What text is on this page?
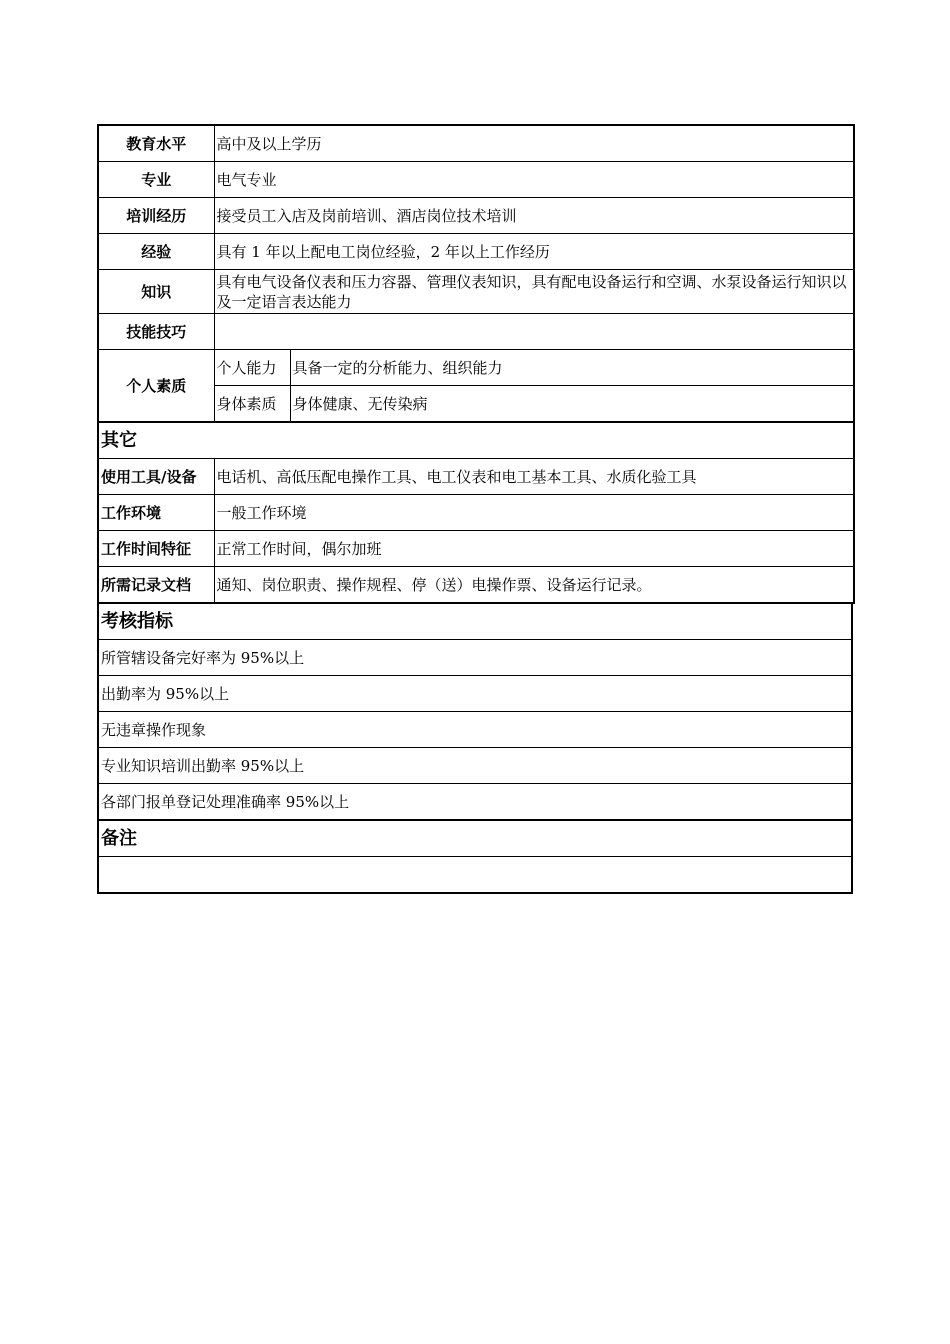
教育水平	高中及以上学历	
专业	电气专业	
培训经历	接受员工入店及岗前培训、酒店岗位技术培训	
经验	具有 1 年以上配电工岗位经验，2 年以上工作经历	
知识	具有电气设备仪表和压力容器、管理仪表知识，具有配电设备运行和空调、水泵设备运行知识以及一定语言表达能力	
技能技巧		
个人素质	个人能力	具备一定的分析能力、组织能力
	身体素质	身体健康、无传染病
其它	
使用工具/设备	电话机、高低压配电操作工具、电工仪表和电工基本工具、水质化验工具
工作环境	一般工作环境
工作时间特征	正常工作时间，偶尔加班
所需记录文档	通知、岗位职责、操作规程、停（送）电操作票、设备运行记录。
考核指标
所管辖设备完好率为 95%以上
出勤率为 95%以上
无违章操作现象
专业知识培训出勤率 95%以上
各部门报单登记处理准确率 95%以上
备注
